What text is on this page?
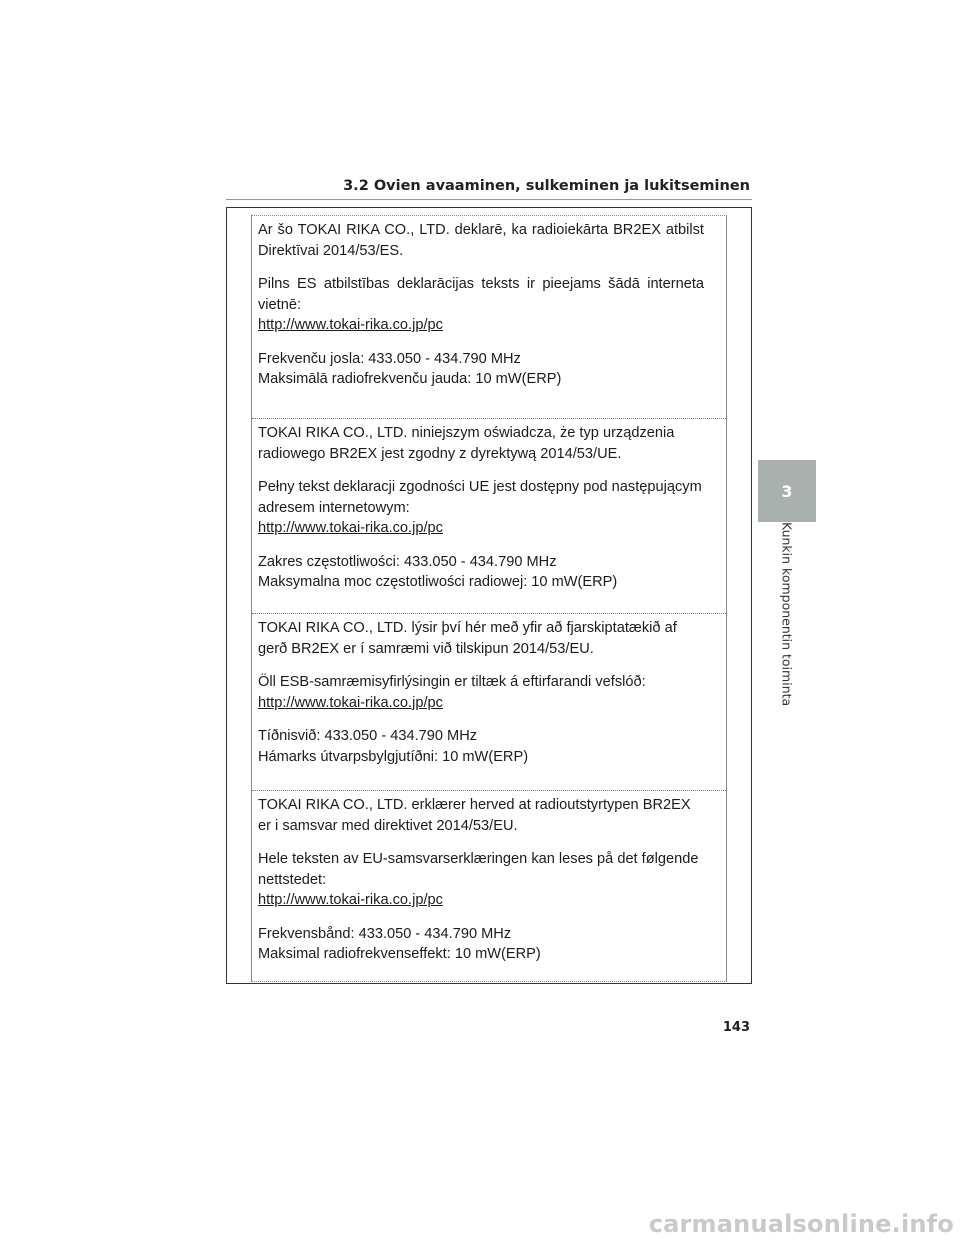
3.2 Ovien avaaminen, sulkeminen ja lukitseminen

Ar šo TOKAI RIKA CO., LTD. deklarē, ka radioiekārta BR2EX atbilst Direktīvai 2014/53/ES.

Pilns ES atbilstības deklarācijas teksts ir pieejams šādā interneta vietnē:

http://www.tokai-rika.co.jp/pc

Frekvenču josla: 433.050 - 434.790 MHz

Maksimālā radiofrekvenču jauda: 10 mW(ERP)

TOKAI RIKA CO., LTD. niniejszym oświadcza, że typ urządzenia radiowego BR2EX jest zgodny z dyrektywą 2014/53/UE.

Pełny tekst deklaracji zgodności UE jest dostępny pod następującym adresem internetowym:

http://www.tokai-rika.co.jp/pc

Zakres częstotliwości: 433.050 - 434.790 MHz

Maksymalna moc częstotliwości radiowej: 10 mW(ERP)

TOKAI RIKA CO., LTD. lýsir því hér með yfir að fjarskiptatækið af gerð BR2EX er í samræmi við tilskipun 2014/53/EU.

Öll ESB-samræmisyfirlýsingin er tiltæk á eftirfarandi vefslóð:

http://www.tokai-rika.co.jp/pc

Tíðnisvið: 433.050 - 434.790 MHz

Hámarks útvarpsbylgjutíðni: 10 mW(ERP)

TOKAI RIKA CO., LTD. erklærer herved at radioutstyrtypen BR2EX er i samsvar med direktivet 2014/53/EU.

Hele teksten av EU-samsvarserklæringen kan leses på det følgende nettstedet:

http://www.tokai-rika.co.jp/pc

Frekvensbånd: 433.050 - 434.790 MHz

Maksimal radiofrekvenseffekt: 10 mW(ERP)

3
Kunkin komponentin toiminta
143
carmanualsonline.info
